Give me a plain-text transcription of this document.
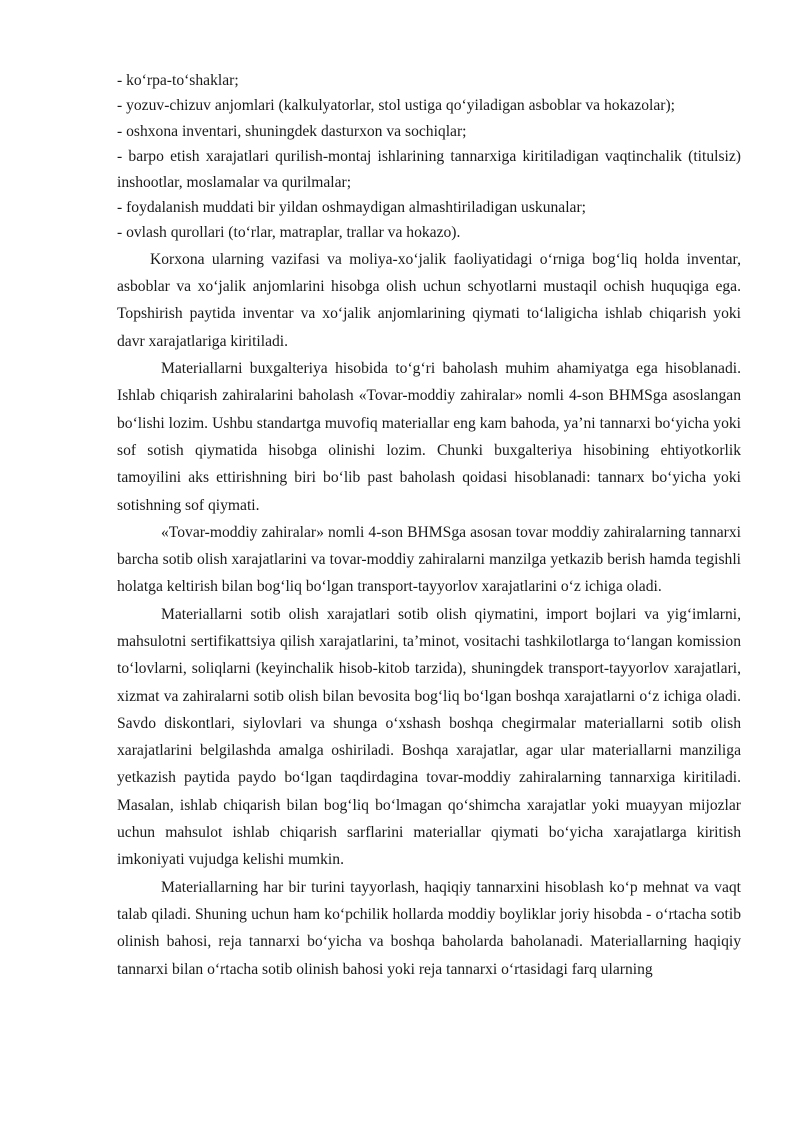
- ko‘rpa-to‘shaklar;

- yozuv-chizuv anjomlari (kalkulyatorlar, stol ustiga qo‘yiladigan asboblar va hokazolar);

- oshxona inventari, shuningdek dasturxon va sochiqlar;

- barpo etish xarajatlari qurilish-montaj ishlarining tannarxiga kiritiladigan vaqtinchalik (titulsiz) inshootlar, moslamalar va qurilmalar;

- foydalanish muddati bir yildan oshmaydigan almashtiriladigan uskunalar;

- ovlash qurollari (to‘rlar, matraplar, trallar va hokazo).

Korxona ularning vazifasi va moliya-xo‘jalik faoliyatidagi o‘rniga bog‘liq holda inventar, asboblar va xo‘jalik anjomlarini hisobga olish uchun schyotlarni mustaqil ochish huquqiga ega. Topshirish paytida inventar va xo‘jalik anjomlarining qiymati to‘laligicha ishlab chiqarish yoki davr xarajatlariga kiritiladi.

Materiallarni buxgalteriya hisobida to‘g‘ri baholash muhim ahamiyatga ega hisoblanadi. Ishlab chiqarish zahiralarini baholash «Tovar-moddiy zahiralar» nomli 4-son BHMSga asoslangan bo‘lishi lozim. Ushbu standartga muvofiq materiallar eng kam bahoda, ya’ni tannarxi bo‘yicha yoki sof sotish qiymatida hisobga olinishi lozim. Chunki buxgalteriya hisobining ehtiyotkorlik tamoyilini aks ettirishning biri bo‘lib past baholash qoidasi hisoblanadi: tannarx bo‘yicha yoki sotishning sof qiymati.

«Tovar-moddiy zahiralar» nomli 4-son BHMSga asosan tovar moddiy zahiralarning tannarxi barcha sotib olish xarajatlarini va tovar-moddiy zahiralarni manzilga yetkazib berish hamda tegishli holatga keltirish bilan bog‘liq bo‘lgan transport-tayyorlov xarajatlarini o‘z ichiga oladi.

Materiallarni sotib olish xarajatlari sotib olish qiymatini, import bojlari va yig‘imlarni, mahsulotni sertifikattsiya qilish xarajatlarini, ta’minot, vositachi tashkilotlarga to‘langan komission to‘lovlarni, soliqlarni (keyinchalik hisob-kitob tarzida), shuningdek transport-tayyorlov xarajatlari, xizmat va zahiralarni sotib olish bilan bevosita bog‘liq bo‘lgan boshqa xarajatlarni o‘z ichiga oladi. Savdo diskontlari, siylovlari va shunga o‘xshash boshqa chegirmalar materiallarni sotib olish xarajatlarini belgilashda amalga oshiriladi. Boshqa xarajatlar, agar ular materiallarni manziliga yetkazish paytida paydo bo‘lgan taqdirdagina tovar-moddiy zahiralarning tannarxiga kiritiladi. Masalan, ishlab chiqarish bilan bog‘liq bo‘lmagan qo‘shimcha xarajatlar yoki muayyan mijozlar uchun mahsulot ishlab chiqarish sarflarini materiallar qiymati bo‘yicha xarajatlarga kiritish imkoniyati vujudga kelishi mumkin.

Materiallarning har bir turini tayyorlash, haqiqiy tannarxini hisoblash ko‘p mehnat va vaqt talab qiladi. Shuning uchun ham ko‘pchilik hollarda moddiy boyliklar joriy hisobda - o‘rtacha sotib olinish bahosi, reja tannarxi bo‘yicha va boshqa baholarda baholanadi. Materiallarning haqiqiy tannarxi bilan o‘rtacha sotib olinish bahosi yoki reja tannarxi o‘rtasidagi farq ularning
